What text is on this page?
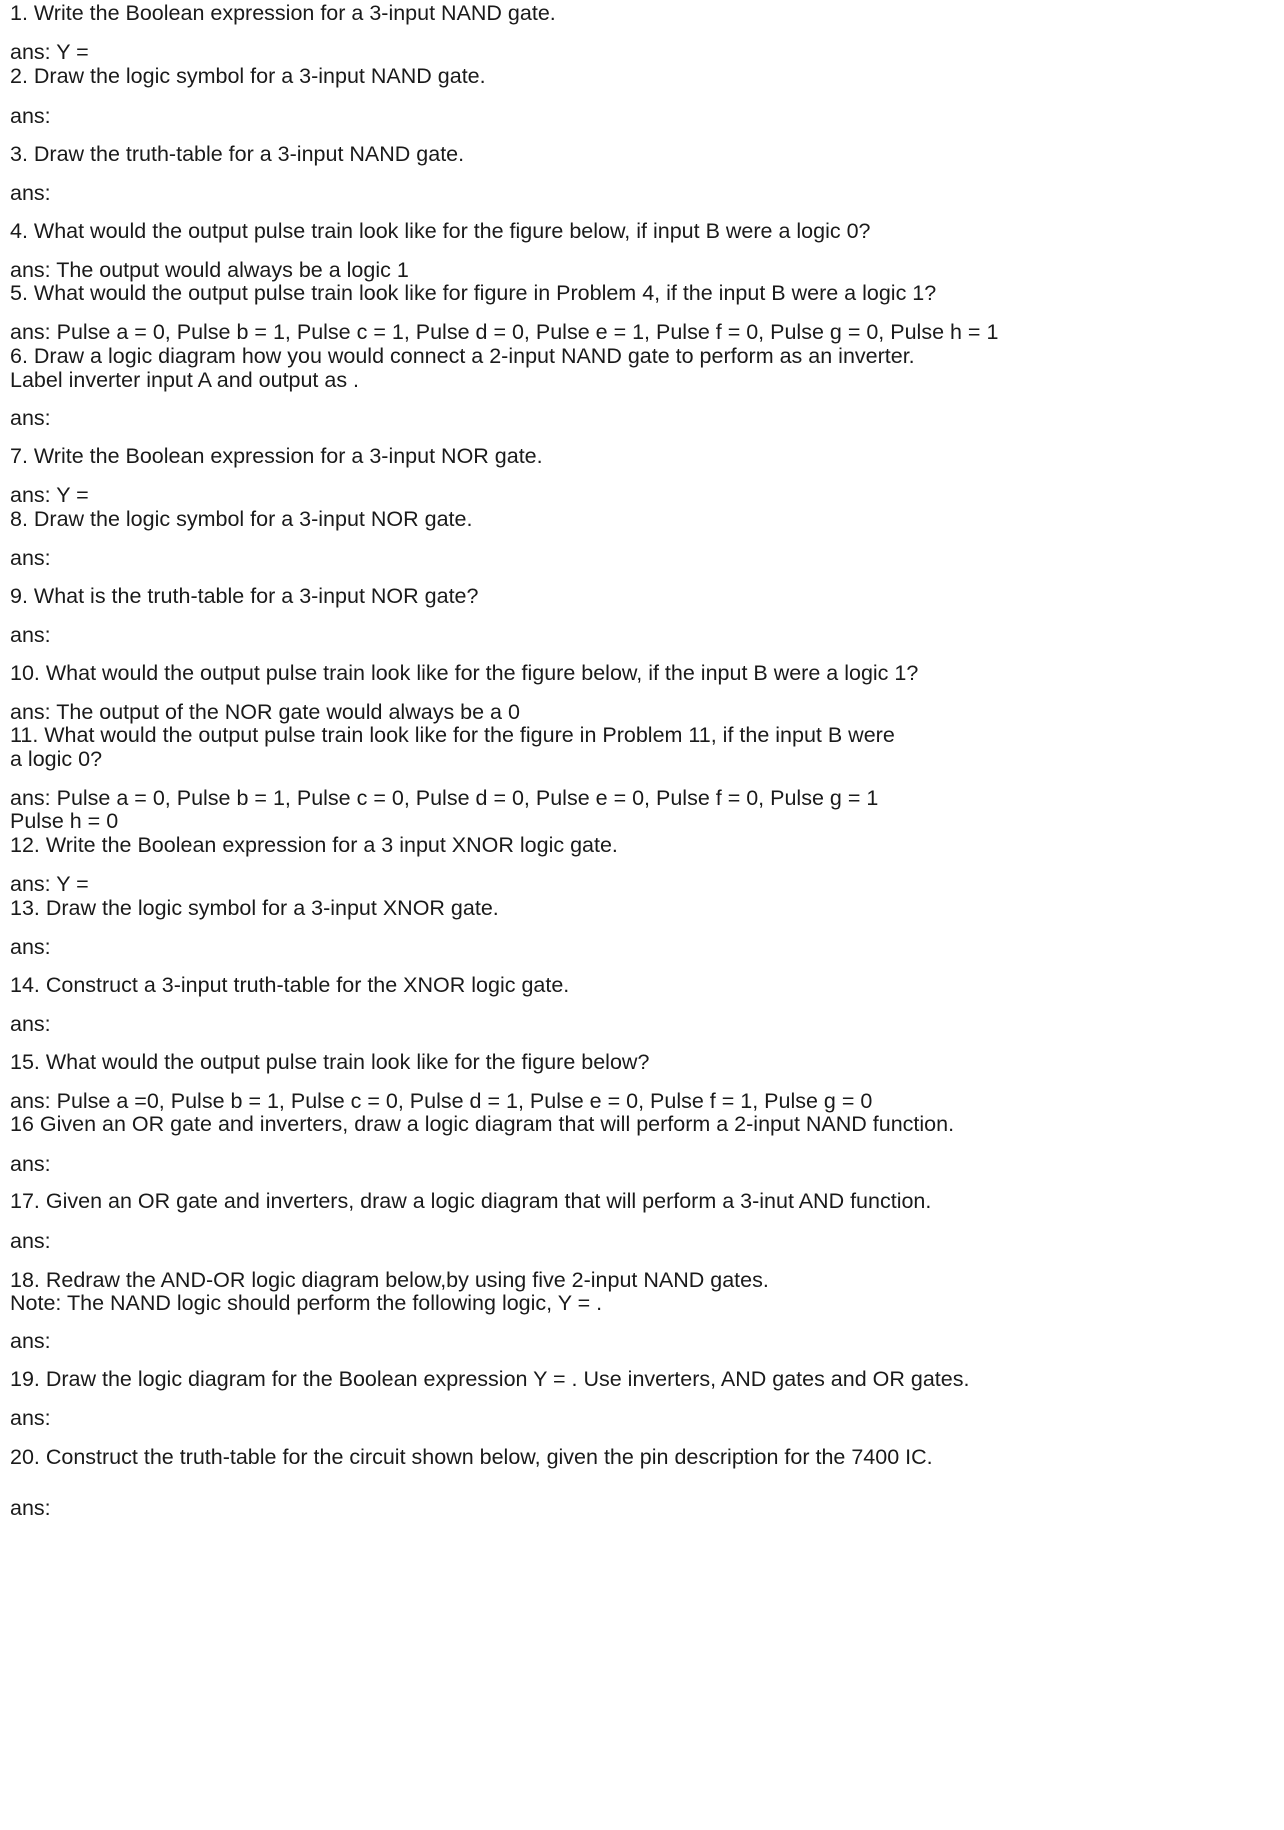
1. Write the Boolean expression for a 3-input NAND gate.
ans: Y =
2. Draw the logic symbol for a 3-input NAND gate.
ans:
3. Draw the truth-table for a 3-input NAND gate.
ans:
4. What would the output pulse train look like for the figure below, if input B were a logic 0?
ans: The output would always be a logic 1
5. What would the output pulse train look like for figure in Problem 4, if the input B were a logic 1?
ans: Pulse a = 0, Pulse b = 1, Pulse c = 1, Pulse d = 0, Pulse e = 1, Pulse f = 0, Pulse g = 0, Pulse h = 1
6. Draw a logic diagram how you would connect a 2-input NAND gate to perform as an inverter.
Label inverter input A and output as .
ans:
7. Write the Boolean expression for a 3-input NOR gate.
ans: Y =
8. Draw the logic symbol for a 3-input NOR gate.
ans:
9. What is the truth-table for a 3-input NOR gate?
ans:
10. What would the output pulse train look like for the figure below, if the input B were a logic 1?
ans: The output of the NOR gate would always be a 0
11. What would the output pulse train look like for the figure in Problem 11, if the input B were
a logic 0?
ans: Pulse a = 0, Pulse b = 1, Pulse c = 0, Pulse d = 0, Pulse e = 0, Pulse f = 0, Pulse g = 1
Pulse h = 0
12. Write the Boolean expression for a 3 input XNOR logic gate.
ans: Y =
13. Draw the logic symbol for a 3-input XNOR gate.
ans:
14. Construct a 3-input truth-table for the XNOR logic gate.
ans:
15. What would the output pulse train look like for the figure below?
ans: Pulse a =0, Pulse b = 1, Pulse c = 0, Pulse d = 1, Pulse e = 0, Pulse f = 1, Pulse g = 0
16 Given an OR gate and inverters, draw a logic diagram that will perform a 2-input NAND function.
ans:
17. Given an OR gate and inverters, draw a logic diagram that will perform a 3-inut AND function.
ans:
18. Redraw the AND-OR logic diagram below,by using five 2-input NAND gates.
Note: The NAND logic should perform the following logic, Y = .
ans:
19. Draw the logic diagram for the Boolean expression Y = . Use inverters, AND gates and OR gates.
ans:
20. Construct the truth-table for the circuit shown below, given the pin description for the 7400 IC.
ans:
